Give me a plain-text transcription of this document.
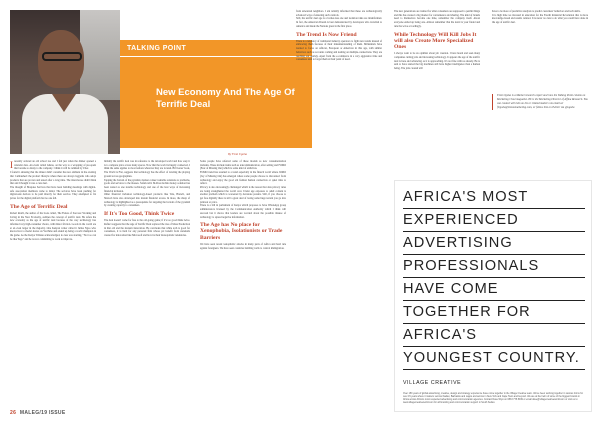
TALKING POINT
New Economy And The Age Of Terrific Deal
By Femi Ugoha
I recently ordered an old school rue and I felt just when the dinner opened a calendar date. An event called Ghana, on the way to a wrapping of pre-spent that became so many to the company. I think it will be relished by Uber.

I found it amusing that the dinner didn't consider the new ambient in the evening that I ambushed: the product lifestyle where there are always laggards who adopt products that are proven and tested after a long time. The interviewee didn't think that and I thought it was a cute deal.

The thought of Bespoke Services that have been building meetings with digital-safe association members came to mind. The services have been pushing for digital-safe devices to be paid directly for their service. They attempted to fix prices for the digital platform but no one fell.

The Age of Terrific Deal

Robert Reich, the author of the book called, The Future of Success: Working and Living in the New Economy, outlines the concept of terrific deal. He refers the new economy as the age of terrific deal because of the way technology has informed very high-consumer choice, with minor friction. Goods in the world are at an even larger in the majority. One Kenyan writer called it Julius Ngao who knows how to model Jeeves on YouTube and ended up being a world champion in the game. As the Kenya Tribune acknowledged, no less was starting, "Not too can be like Yego" and he is now committing to work to improve.

Initially the terrific deal was in reference to the developed world and how easy it is to compare price across many spaces. Now that the world is hugely connected, I think the same applies to most nations wherever they are located. Bill Gates' book, The World is Flat, suggests that technology has the effect of leveling the playing ground across geographies.

Tapping the bottom of the pyramid, market connect suitable solutions to problems, goods and services to the masses. Safaricom's M-Pesa mobile money solution has been touted as one notable technology and one of the best ways of increasing financial inclusion.

Other financial inclusion technology-based products like Tala, Branch, and Shawob have also developed into instant financial access. In more, the sharp of technology is highlighted as a prerequisite for targeting the bottom of the pyramid by creating capacity to consumers.

If It's Too Good, Think Twice

The deal doesn't come for free to the old-going game; if it's too good think twice. Reflect suggests that the Age of Terrific Deal replaced the rise of Mass Production in that old and the modern innovation. He concludes that while tech is good for consumers, it is hard for any personal firm whose yet benefit from standards created for innovation like Microsoft and how its their monopolistic tendencies.

Some people have referred some of these models as new consumerization domains. These include items such as telecommunication, after seiling and FOMO (Fear of Missing Out) which is some kind of addiction.

FOMO trend has resulted to a trend especially in the fintech world where JOMO (Joy of Missing Out) has emerged where some people choose to disconnect from technology and enjoy the good old fashion human connection or quiet time to reflect.

Privacy is also increasingly challenged which is the reason that data privacy rules are being strengthened the world over. Under age exposure to adult content is another problem which is worsened by devastate parents. Still, if you choose to get free digitally there is still a great deal of losing some huge terrain you go into printout or price.

There is a bill in parliament of Kenya which proposes to have WhatsApp group administrators licensed by the Communication Authority which I think will succeed but it shows that leaders are worried about the possible misuse of technology to spread negative information.

The Age has No place for Xenophobia, Isolationists or Trade Barriers

We have seen recent xenophobic attacks in many parts of Africa and hard rule against foreigners. We have seen countries building walls to control immigration.

from unwanted neighbors. I am reliably informed that these are technologically advanced ways of ensuring such controls.

Still, the terrific deal age is a border-less one and isolation talks are misinformed. In fact, the American Dream is best demonstrated by developers who travelled to America and made the Nations great in the first place.

The Trend Is Now Friend

There is a tendency of traditional industry operators to fight new trends instead of embracing them because of their misunderstanding of them. Millennials have learned to focus on African, European or American in this age, with similar behaviors such as accounts coming and leading on multiple-connections. They are reaching out quickly. Apart from the e-commerce in a very aggressive time and consumers tend to forget them at their point of need.

The new generations are trained for what consumers are supposed to permit things and this has created a big market for convenience and sharing. The kind of brands need to themselves become one time, remember the company itself. About everyone ended up being one. Almost remember that the trend is your friend and rule the wave accordingly.

While Technology Will Kill Jobs It will also Create More Specialized Ones

I always want to be an optimist about job creation. I have heard and seen many companies cutting jobs and increasing technology. It appears the age of the terrific deal is here and advancing as it is approaching. It's not fine with us already. He is said to have started the big machines still have higher intelligence than a human being. The jobs created will

have to be more of predictive analysts to predict customers' behaviors and tech skills.

It is high time we invested in education for the Fourth Industrial Revolution that is more knowledge-based and results centred. It is never too late to do what you could have done in the age of terrific deal.

Femi Ugoha is a Market research expert and runs the Talking Point column on Marketing Clout magazine. He is the Marketing Director of Affina Research. You can contact with him on his or related matters via email at: fUgoha@lemonmarketing.com, or follow him on Twitter via @ugoha
AFRICA'S MOST
EXPERIENCED
ADVERTISING
PROFESSIONALS
HAVE COME
TOGETHER FOR
AFRICA'S
YOUNGEST COUNTRY.
VILLAGE CREATIVE
Over 150 years of global advertising, creative, design and strategy experience have come together in the Village Creative team. We've been working together in various forms for over 15 years where it matters: across Ibadan, Barbados and Lagos and across in New York and Cape Town and beyond. We are at the helm of some of the biggest brands in Africa across Africa's most respected advertising and communication agencies. Contact Dave Wiyo on 0833 778 8049 or email dave@villagecreativeworld.com or visit us to www.villagecreativeworld.com for all branding and communication support in South Sudan.
26 MALEG/19 ISSUE
